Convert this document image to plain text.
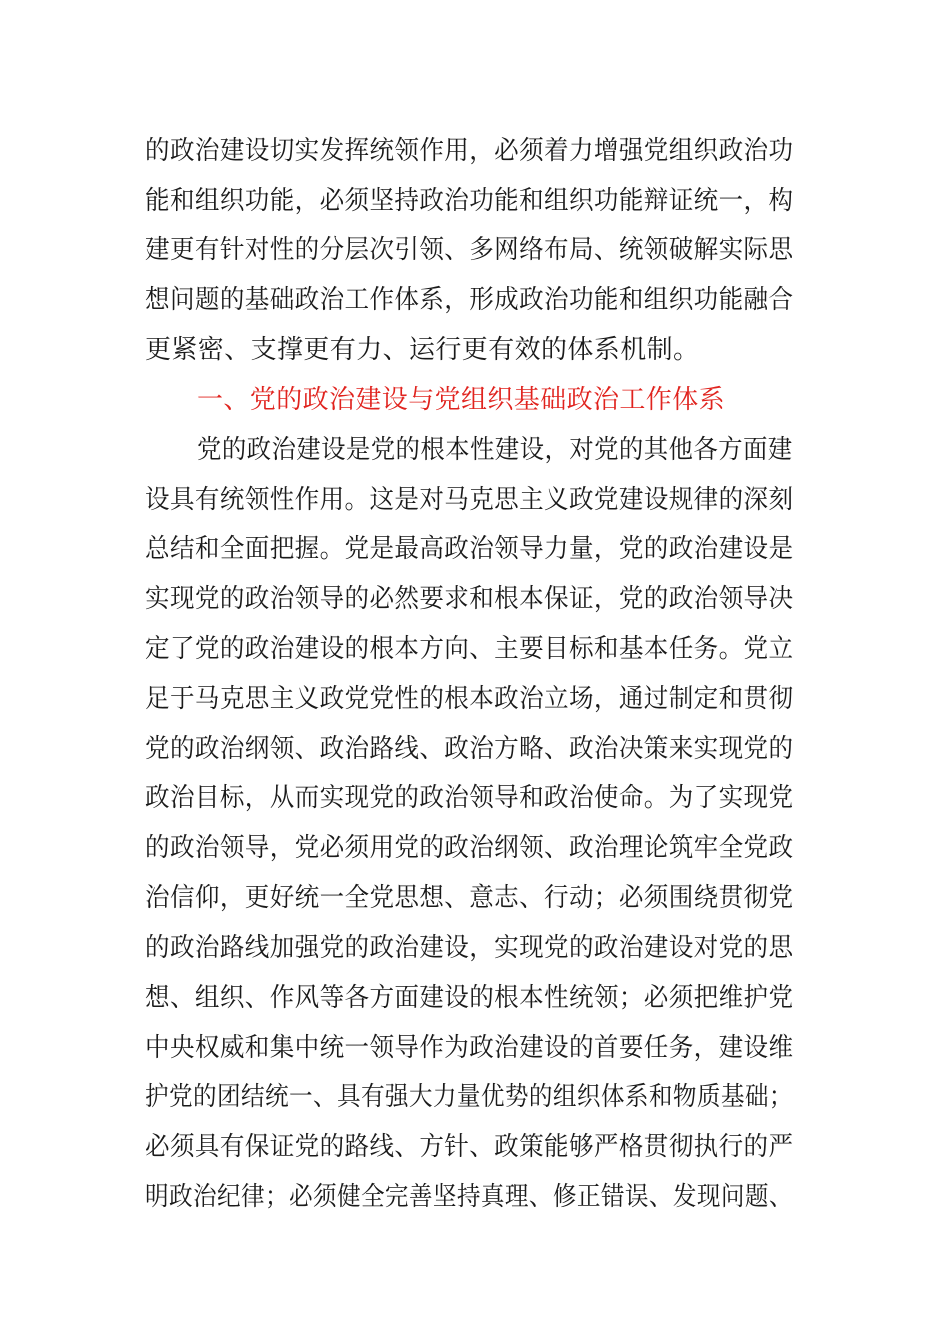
的政治建设切实发挥统领作用，必须着力增强党组织政治功
能和组织功能，必须坚持政治功能和组织功能辩证统一，构
建更有针对性的分层次引领、多网络布局、统领破解实际思
想问题的基础政治工作体系，形成政治功能和组织功能融合
更紧密、支撑更有力、运行更有效的体系机制。
一、党的政治建设与党组织基础政治工作体系
党的政治建设是党的根本性建设，对党的其他各方面建
设具有统领性作用。这是对马克思主义政党建设规律的深刻
总结和全面把握。党是最高政治领导力量，党的政治建设是
实现党的政治领导的必然要求和根本保证，党的政治领导决
定了党的政治建设的根本方向、主要目标和基本任务。党立
足于马克思主义政党党性的根本政治立场，通过制定和贯彻
党的政治纲领、政治路线、政治方略、政治决策来实现党的
政治目标，从而实现党的政治领导和政治使命。为了实现党
的政治领导，党必须用党的政治纲领、政治理论筑牢全党政
治信仰，更好统一全党思想、意志、行动；必须围绕贯彻党
的政治路线加强党的政治建设，实现党的政治建设对党的思
想、组织、作风等各方面建设的根本性统领；必须把维护党
中央权威和集中统一领导作为政治建设的首要任务，建设维
护党的团结统一、具有强大力量优势的组织体系和物质基础；
必须具有保证党的路线、方针、政策能够严格贯彻执行的严
明政治纪律；必须健全完善坚持真理、修正错误、发现问题、
